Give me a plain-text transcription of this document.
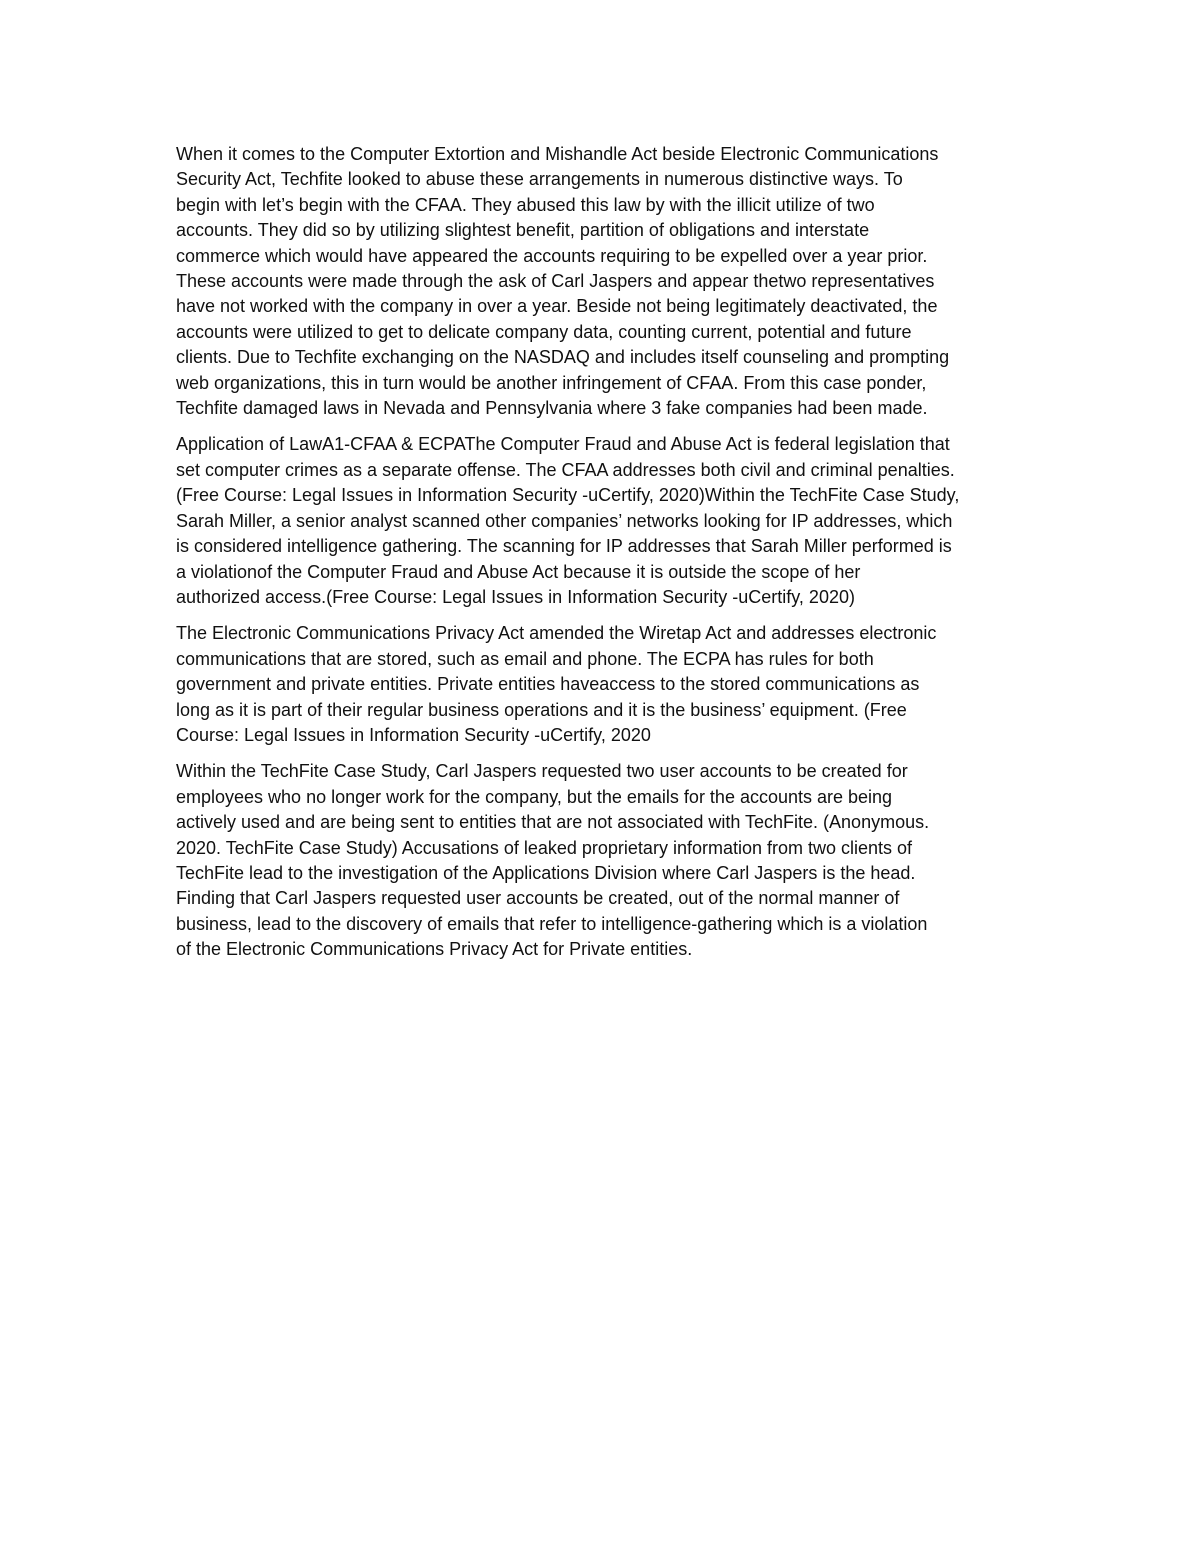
When it comes to the Computer Extortion and Mishandle Act beside Electronic Communications
Security Act, Techfite looked to abuse these arrangements in numerous distinctive ways. To
begin with let’s begin with the CFAA. They abused this law by with the illicit utilize of two
accounts. They did so by utilizing slightest benefit, partition of obligations and interstate
commerce which would have appeared the accounts requiring to be expelled over a year prior.
These accounts were made through the ask of Carl Jaspers and appear thetwo representatives
have not worked with the company in over a year. Beside not being legitimately deactivated, the
accounts were utilized to get to delicate company data, counting current, potential and future
clients. Due to Techfite exchanging on the NASDAQ and includes itself counseling and prompting
web organizations, this in turn would be another infringement of CFAA. From this case ponder,
Techfite damaged laws in Nevada and Pennsylvania where 3 fake companies had been made.

Application of LawA1-CFAA & ECPAThe Computer Fraud and Abuse Act is federal legislation that
set computer crimes as a separate offense. The CFAA addresses both civil and criminal penalties.
(Free Course: Legal Issues in Information Security -uCertify, 2020)Within the TechFite Case Study,
Sarah Miller, a senior analyst scanned other companies’ networks looking for IP addresses, which
is considered intelligence gathering. The scanning for IP addresses that Sarah Miller performed is
a violationof the Computer Fraud and Abuse Act because it is outside the scope of her
authorized access.(Free Course: Legal Issues in Information Security -uCertify, 2020)

The Electronic Communications Privacy Act amended the Wiretap Act and addresses electronic
communications that are stored, such as email and phone. The ECPA has rules for both
government and private entities. Private entities haveaccess to the stored communications as
long as it is part of their regular business operations and it is the business’ equipment. (Free
Course: Legal Issues in Information Security -uCertify, 2020

Within the TechFite Case Study, Carl Jaspers requested two user accounts to be created for
employees who no longer work for the company, but the emails for the accounts are being
actively used and are being sent to entities that are not associated with TechFite. (Anonymous.
2020. TechFite Case Study) Accusations of leaked proprietary information from two clients of
TechFite lead to the investigation of the Applications Division where Carl Jaspers is the head.
Finding that Carl Jaspers requested user accounts be created, out of the normal manner of
business, lead to the discovery of emails that refer to intelligence-gathering which is a violation
of the Electronic Communications Privacy Act for Private entities.
